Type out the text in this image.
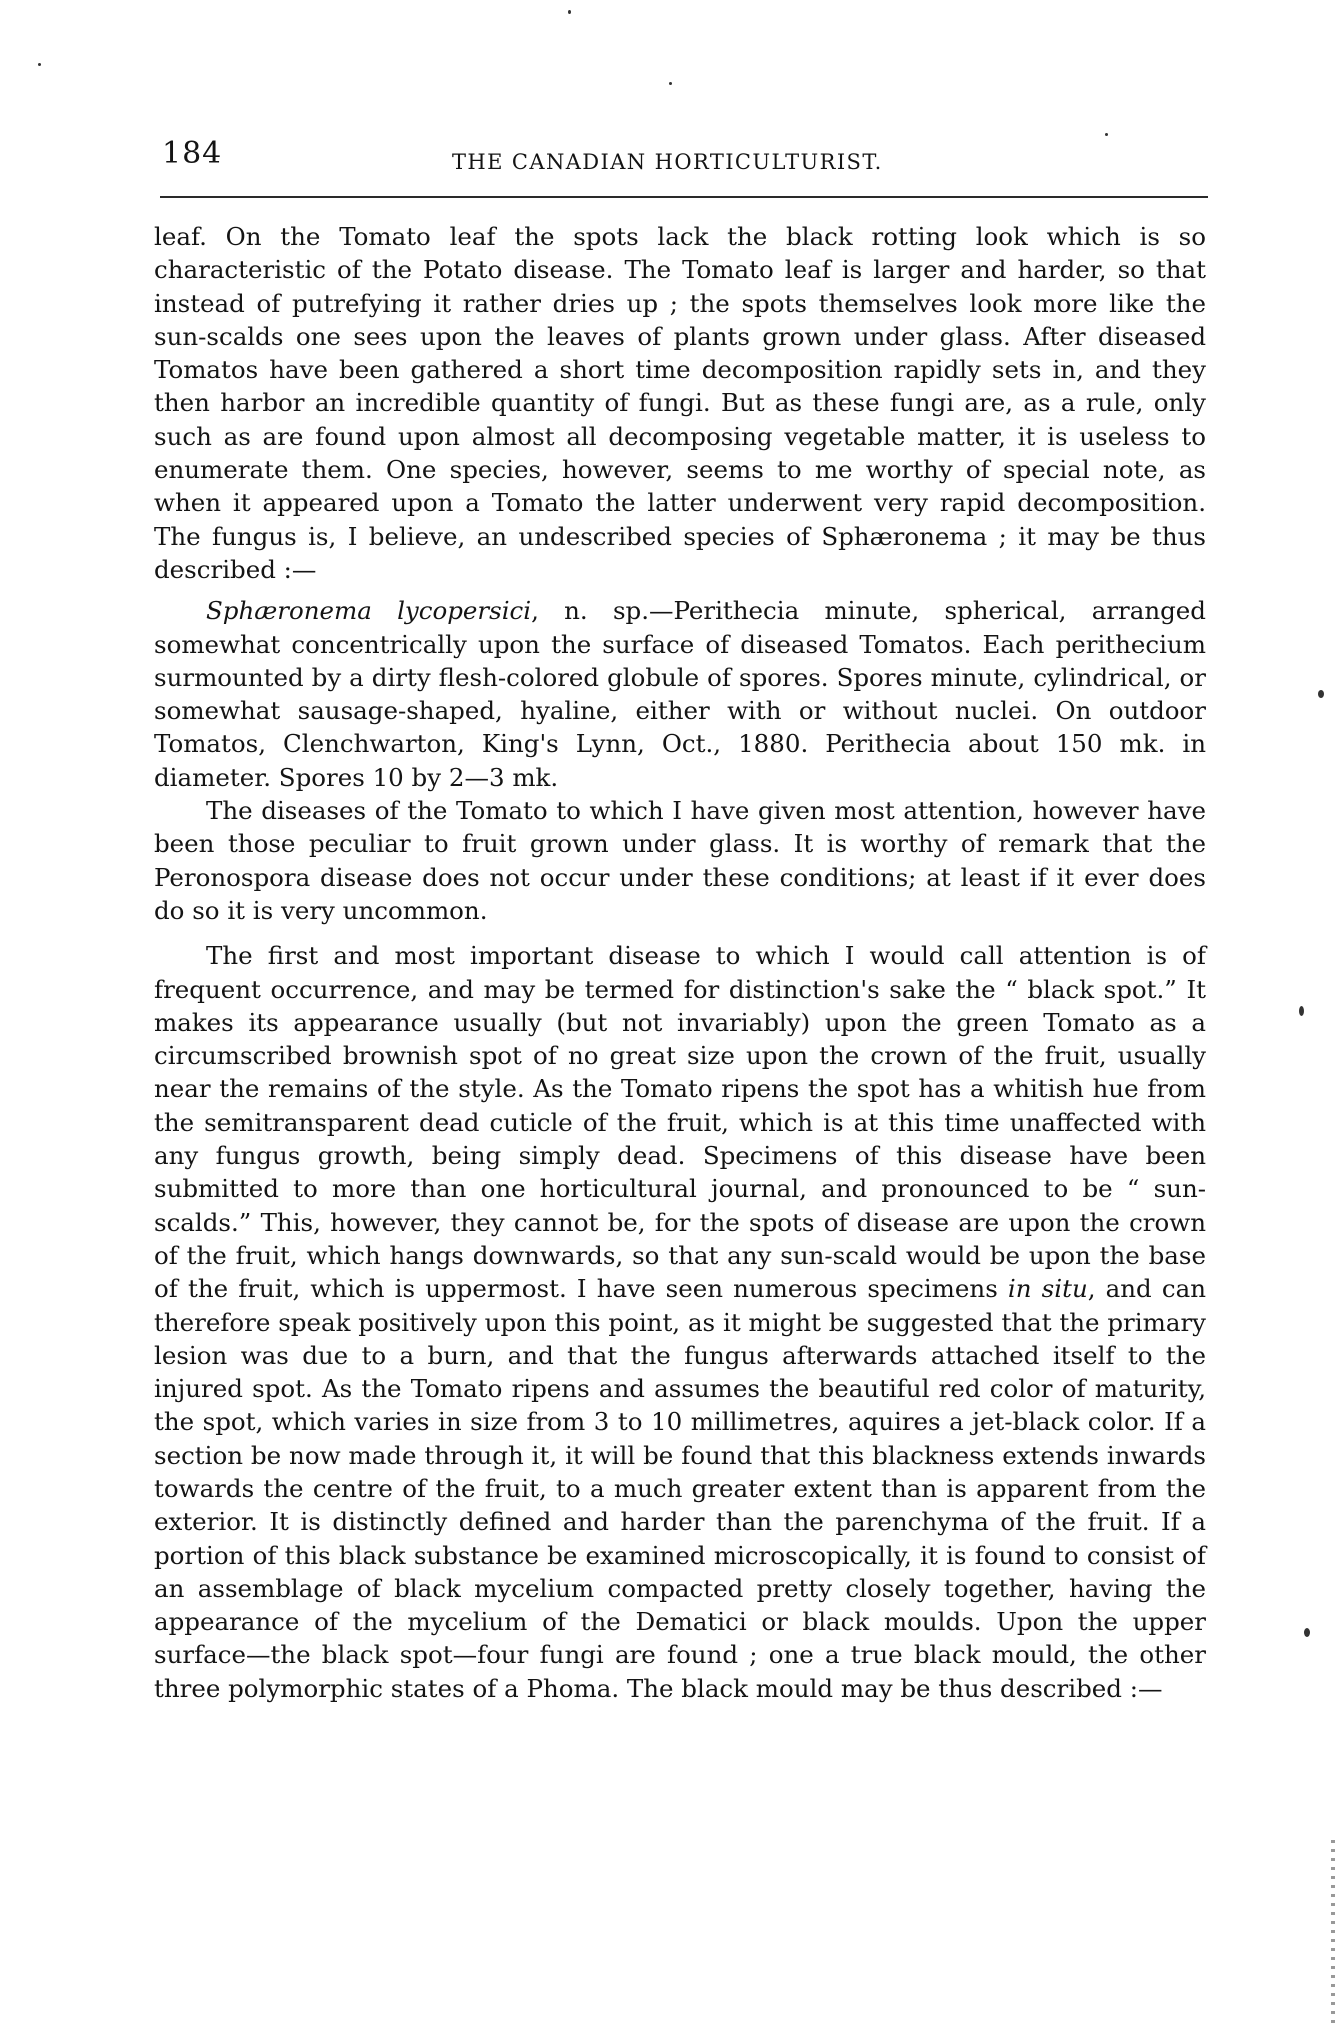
184	THE CANADIAN HORTICULTURIST.

leaf. On the Tomato leaf the spots lack the black rotting look which is so characteristic of the Potato disease. The Tomato leaf is larger and harder, so that instead of putrefying it rather dries up ; the spots themselves look more like the sun-scalds one sees upon the leaves of plants grown under glass. After diseased Tomatos have been gathered a short time decomposition rapidly sets in, and they then harbor an incredible quantity of fungi. But as these fungi are, as a rule, only such as are found upon almost all decomposing vegetable matter, it is useless to enumerate them. One species, however, seems to me worthy of special note, as when it appeared upon a Tomato the latter underwent very rapid decomposition. The fungus is, I believe, an undescribed species of Sphæronema ; it may be thus described :—

Sphæronema lycopersici, n. sp.—Perithecia minute, spherical, arranged somewhat concentrically upon the surface of diseased Tomatos. Each perithecium surmounted by a dirty flesh-colored globule of spores. Spores minute, cylindrical, or somewhat sausage-shaped, hyaline, either with or without nuclei. On outdoor Tomatos, Clenchwarton, King's Lynn, Oct., 1880. Perithecia about 150 mk. in diameter. Spores 10 by 2—3 mk.

The diseases of the Tomato to which I have given most attention, however have been those peculiar to fruit grown under glass. It is worthy of remark that the Peronospora disease does not occur under these conditions; at least if it ever does do so it is very uncommon.

The first and most important disease to which I would call attention is of frequent occurrence, and may be termed for distinction's sake the “ black spot.” It makes its appearance usually (but not invariably) upon the green Tomato as a circumscribed brownish spot of no great size upon the crown of the fruit, usually near the remains of the style. As the Tomato ripens the spot has a whitish hue from the semitransparent dead cuticle of the fruit, which is at this time unaffected with any fungus growth, being simply dead. Specimens of this disease have been submitted to more than one horticultural journal, and pronounced to be “ sun-scalds.” This, however, they cannot be, for the spots of disease are upon the crown of the fruit, which hangs downwards, so that any sun-scald would be upon the base of the fruit, which is uppermost. I have seen numerous specimens in situ, and can therefore speak positively upon this point, as it might be suggested that the primary lesion was due to a burn, and that the fungus afterwards attached itself to the injured spot. As the Tomato ripens and assumes the beautiful red color of maturity, the spot, which varies in size from 3 to 10 millimetres, aquires a jet-black color. If a section be now made through it, it will be found that this blackness extends inwards towards the centre of the fruit, to a much greater extent than is apparent from the exterior. It is distinctly defined and harder than the parenchyma of the fruit. If a portion of this black substance be examined microscopically, it is found to consist of an assemblage of black mycelium compacted pretty closely together, having the appearance of the mycelium of the Dematici or black moulds. Upon the upper surface—the black spot—four fungi are found ; one a true black mould, the other three polymorphic states of a Phoma. The black mould may be thus described :—
